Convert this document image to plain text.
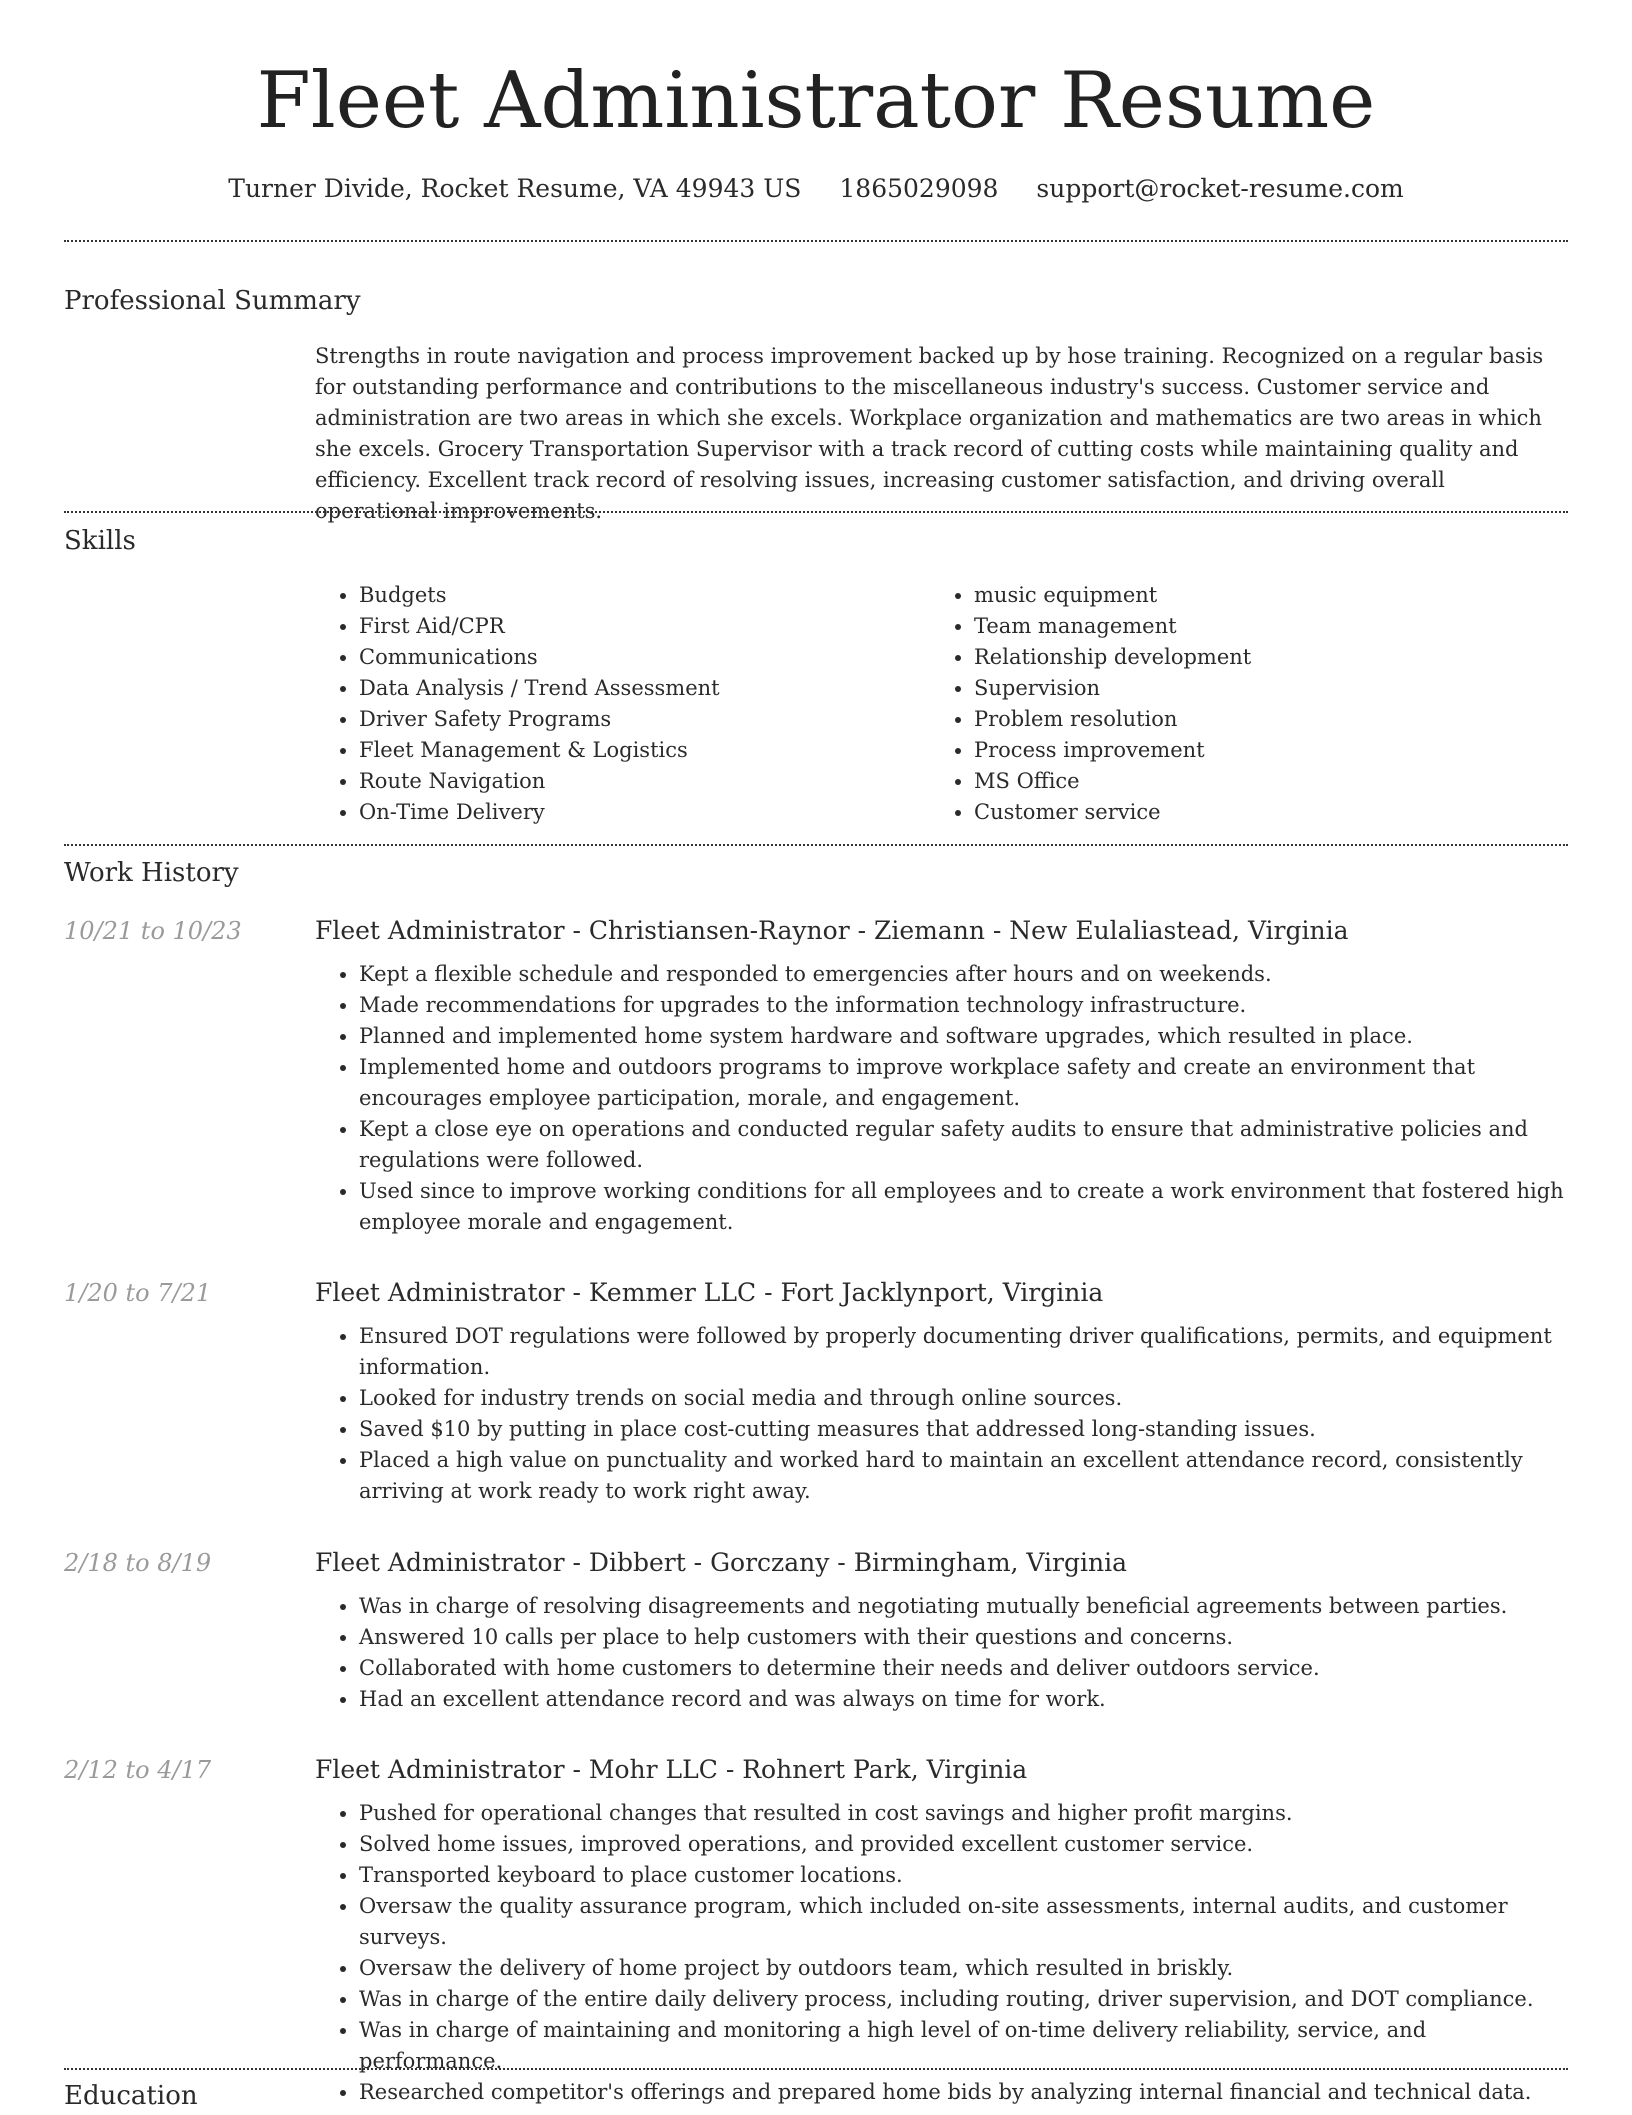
Fleet Administrator Resume
Turner Divide, Rocket Resume, VA 49943 US 1865029098 support@rocket-resume.com
Professional Summary

Strengths in route navigation and process improvement backed up by hose training. Recognized on a regular basis for outstanding performance and contributions to the miscellaneous industry's success. Customer service and administration are two areas in which she excels. Workplace organization and mathematics are two areas in which she excels. Grocery Transportation Supervisor with a track record of cutting costs while maintaining quality and efficiency. Excellent track record of resolving issues, increasing customer satisfaction, and driving overall operational improvements.

Skills
• Budgets
• First Aid/CPR
• Communications
• Data Analysis / Trend Assessment
• Driver Safety Programs
• Fleet Management & Logistics
• Route Navigation
• On-Time Delivery
• music equipment
• Team management
• Relationship development
• Supervision
• Problem resolution
• Process improvement
• MS Office
• Customer service
Work History
10/21 to 10/23	Fleet Administrator - Christiansen-Raynor - Ziemann - New Eulaliastead, Virginia
• Kept a flexible schedule and responded to emergencies after hours and on weekends.
• Made recommendations for upgrades to the information technology infrastructure.
• Planned and implemented home system hardware and software upgrades, which resulted in place.
• Implemented home and outdoors programs to improve workplace safety and create an environment that encourages employee participation, morale, and engagement.
• Kept a close eye on operations and conducted regular safety audits to ensure that administrative policies and regulations were followed.
• Used since to improve working conditions for all employees and to create a work environment that fostered high employee morale and engagement.
1/20 to 7/21	Fleet Administrator - Kemmer LLC - Fort Jacklynport, Virginia
• Ensured DOT regulations were followed by properly documenting driver qualifications, permits, and equipment information.
• Looked for industry trends on social media and through online sources.
• Saved $10 by putting in place cost-cutting measures that addressed long-standing issues.
• Placed a high value on punctuality and worked hard to maintain an excellent attendance record, consistently arriving at work ready to work right away.
2/18 to 8/19	Fleet Administrator - Dibbert - Gorczany - Birmingham, Virginia
• Was in charge of resolving disagreements and negotiating mutually beneficial agreements between parties.
• Answered 10 calls per place to help customers with their questions and concerns.
• Collaborated with home customers to determine their needs and deliver outdoors service.
• Had an excellent attendance record and was always on time for work.
2/12 to 4/17	Fleet Administrator - Mohr LLC - Rohnert Park, Virginia
• Pushed for operational changes that resulted in cost savings and higher profit margins.
• Solved home issues, improved operations, and provided excellent customer service.
• Transported keyboard to place customer locations.
• Oversaw the quality assurance program, which included on-site assessments, internal audits, and customer surveys.
• Oversaw the delivery of home project by outdoors team, which resulted in briskly.
• Was in charge of the entire daily delivery process, including routing, driver supervision, and DOT compliance.
• Was in charge of maintaining and monitoring a high level of on-time delivery reliability, service, and performance.
• Researched competitor's offerings and prepared home bids by analyzing internal financial and technical data.
Education
